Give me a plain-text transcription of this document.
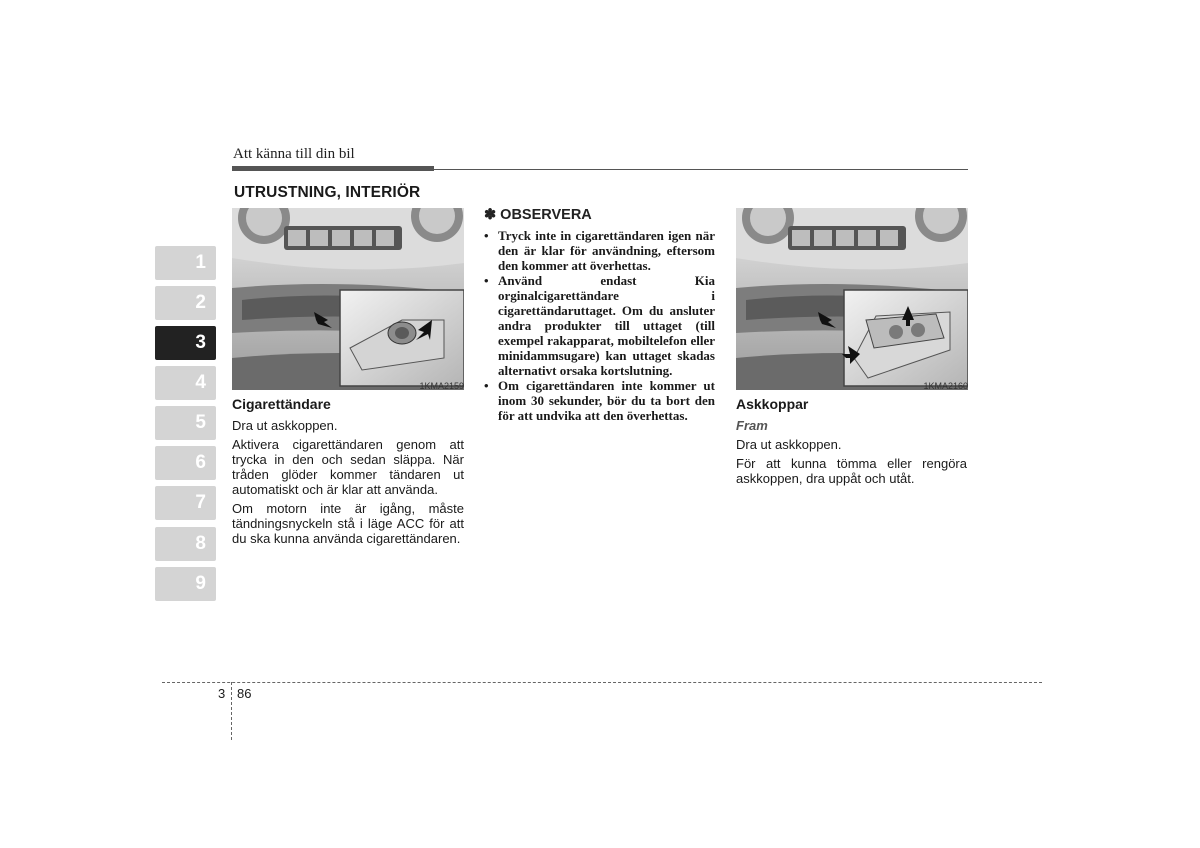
Att känna till din bil
UTRUSTNING, INTERIÖR
1
2
3
4
5
6
7
8
9
1KMA2159
Cigarettändare

Dra ut askkoppen.

Aktivera cigarettändaren genom att trycka in den och sedan släppa. När tråden glöder kommer tändaren ut automatiskt och är klar att använda.

Om motorn inte är igång, måste tändningsnyckeln stå i läge ACC för att du ska kunna använda cigarettändaren.

✽ OBSERVERA
• Tryck inte in cigarettändaren igen när den är klar för användning, eftersom den kommer att överhettas.
• Använd endast Kia orginalcigarettändare i cigarettändaruttaget. Om du ansluter andra produkter till uttaget (till exempel rakapparat, mobiltelefon eller minidammsugare) kan uttaget skadas alternativt orsaka kortslutning.
• Om cigarettändaren inte kommer ut inom 30 sekunder, bör du ta bort den för att undvika att den överhettas.
1KMA2160
Askkoppar
Fram

Dra ut askkoppen.

För att kunna tömma eller rengöra askkoppen, dra uppåt och utåt.

3 86
